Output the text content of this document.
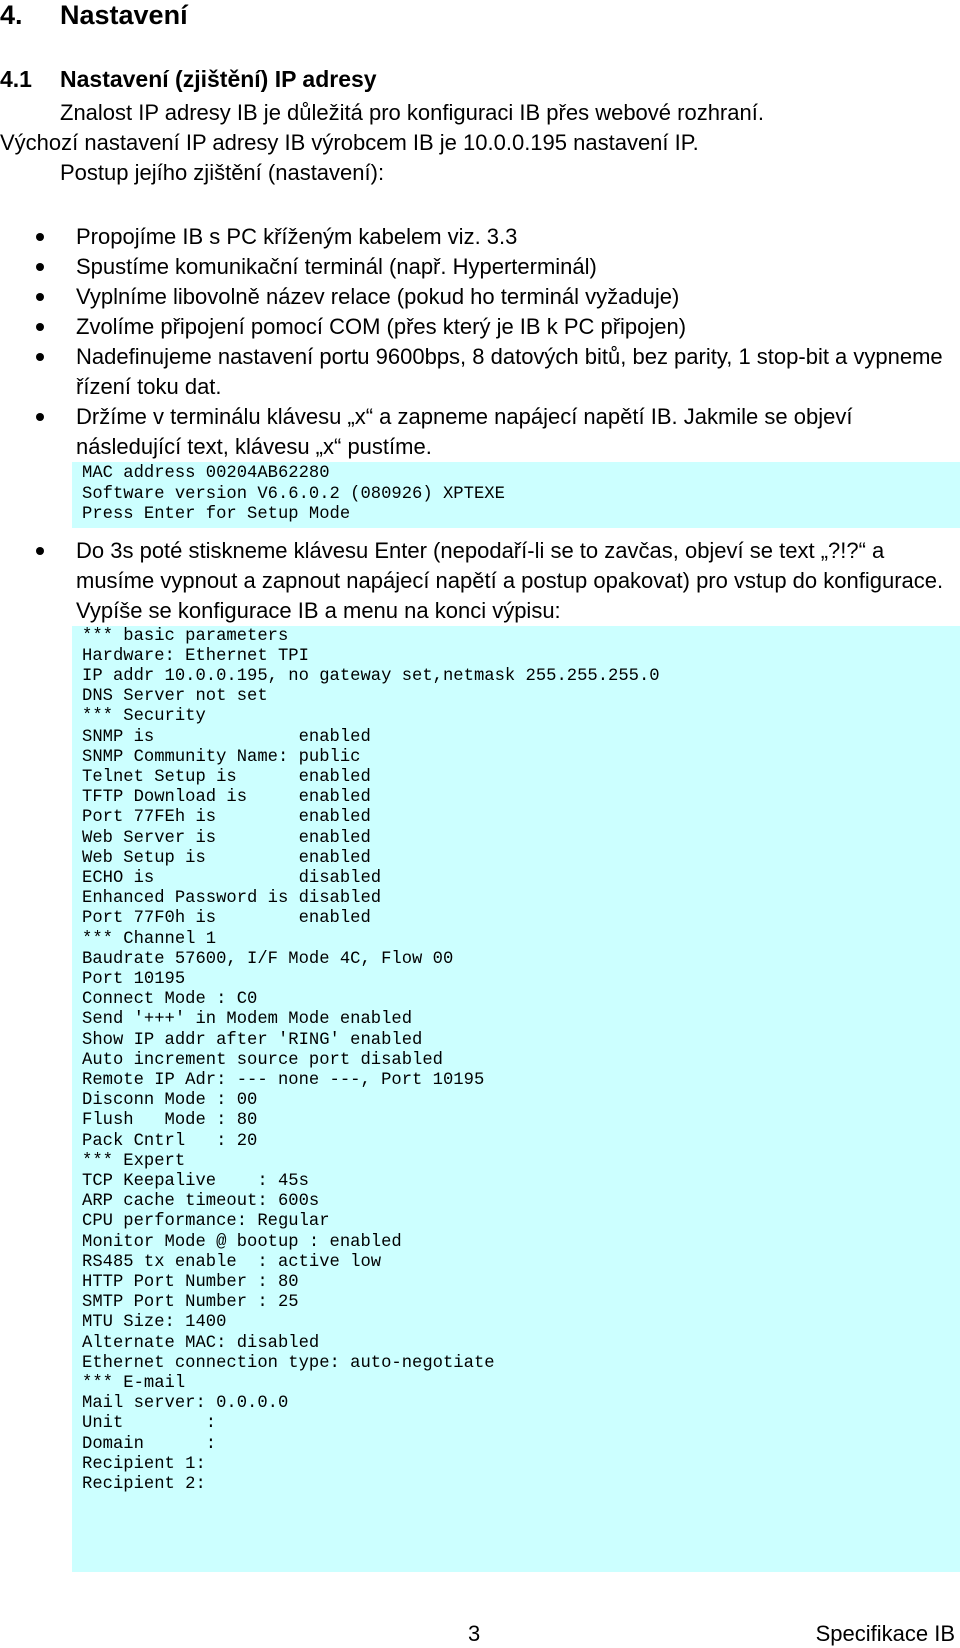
4. Nastavení
4.1 Nastavení (zjištění) IP adresy
Znalost IP adresy IB je důležitá pro konfiguraci IB přes webové rozhraní.
Výchozí nastavení IP adresy IB výrobcem IB je 10.0.0.195 nastavení IP.
Postup jejího zjištění (nastavení):
Propojíme IB s PC kříženým kabelem viz. 3.3
Spustíme komunikační terminál (např. Hyperterminál)
Vyplníme libovolně název relace (pokud ho terminál vyžaduje)
Zvolíme připojení pomocí COM (přes který je IB k PC připojen)
Nadefinujeme nastavení portu 9600bps, 8 datových bitů, bez parity, 1 stop-bit a vypneme řízení toku dat.
Držíme v terminálu klávesu „x“ a zapneme napájecí napětí IB. Jakmile se objeví následující text, klávesu „x“ pustíme.
MAC address 00204AB62280
Software version V6.6.0.2 (080926) XPTEXE
Press Enter for Setup Mode
Do 3s poté stiskneme klávesu Enter (nepodaří-li se to zavčas, objeví se text „?!?“ a musíme vypnout a zapnout napájecí napětí a postup opakovat) pro vstup do konfigurace. Vypíše se konfigurace IB a menu na konci výpisu:
*** basic parameters
Hardware: Ethernet TPI
IP addr 10.0.0.195, no gateway set,netmask 255.255.255.0
DNS Server not set
*** Security
SNMP is              enabled
SNMP Community Name: public
Telnet Setup is      enabled
TFTP Download is     enabled
Port 77FEh is        enabled
Web Server is        enabled
Web Setup is         enabled
ECHO is              disabled
Enhanced Password is disabled
Port 77F0h is        enabled
*** Channel 1
Baudrate 57600, I/F Mode 4C, Flow 00
Port 10195
Connect Mode : C0
Send '+++' in Modem Mode enabled
Show IP addr after 'RING' enabled
Auto increment source port disabled
Remote IP Adr: --- none ---, Port 10195
Disconn Mode : 00
Flush   Mode : 80
Pack Cntrl   : 20
*** Expert
TCP Keepalive    : 45s
ARP cache timeout: 600s
CPU performance: Regular
Monitor Mode @ bootup : enabled
RS485 tx enable  : active low
HTTP Port Number : 80
SMTP Port Number : 25
MTU Size: 1400
Alternate MAC: disabled
Ethernet connection type: auto-negotiate
*** E-mail
Mail server: 0.0.0.0
Unit        :
Domain      :
Recipient 1:
Recipient 2:
3	Specifikace IB
